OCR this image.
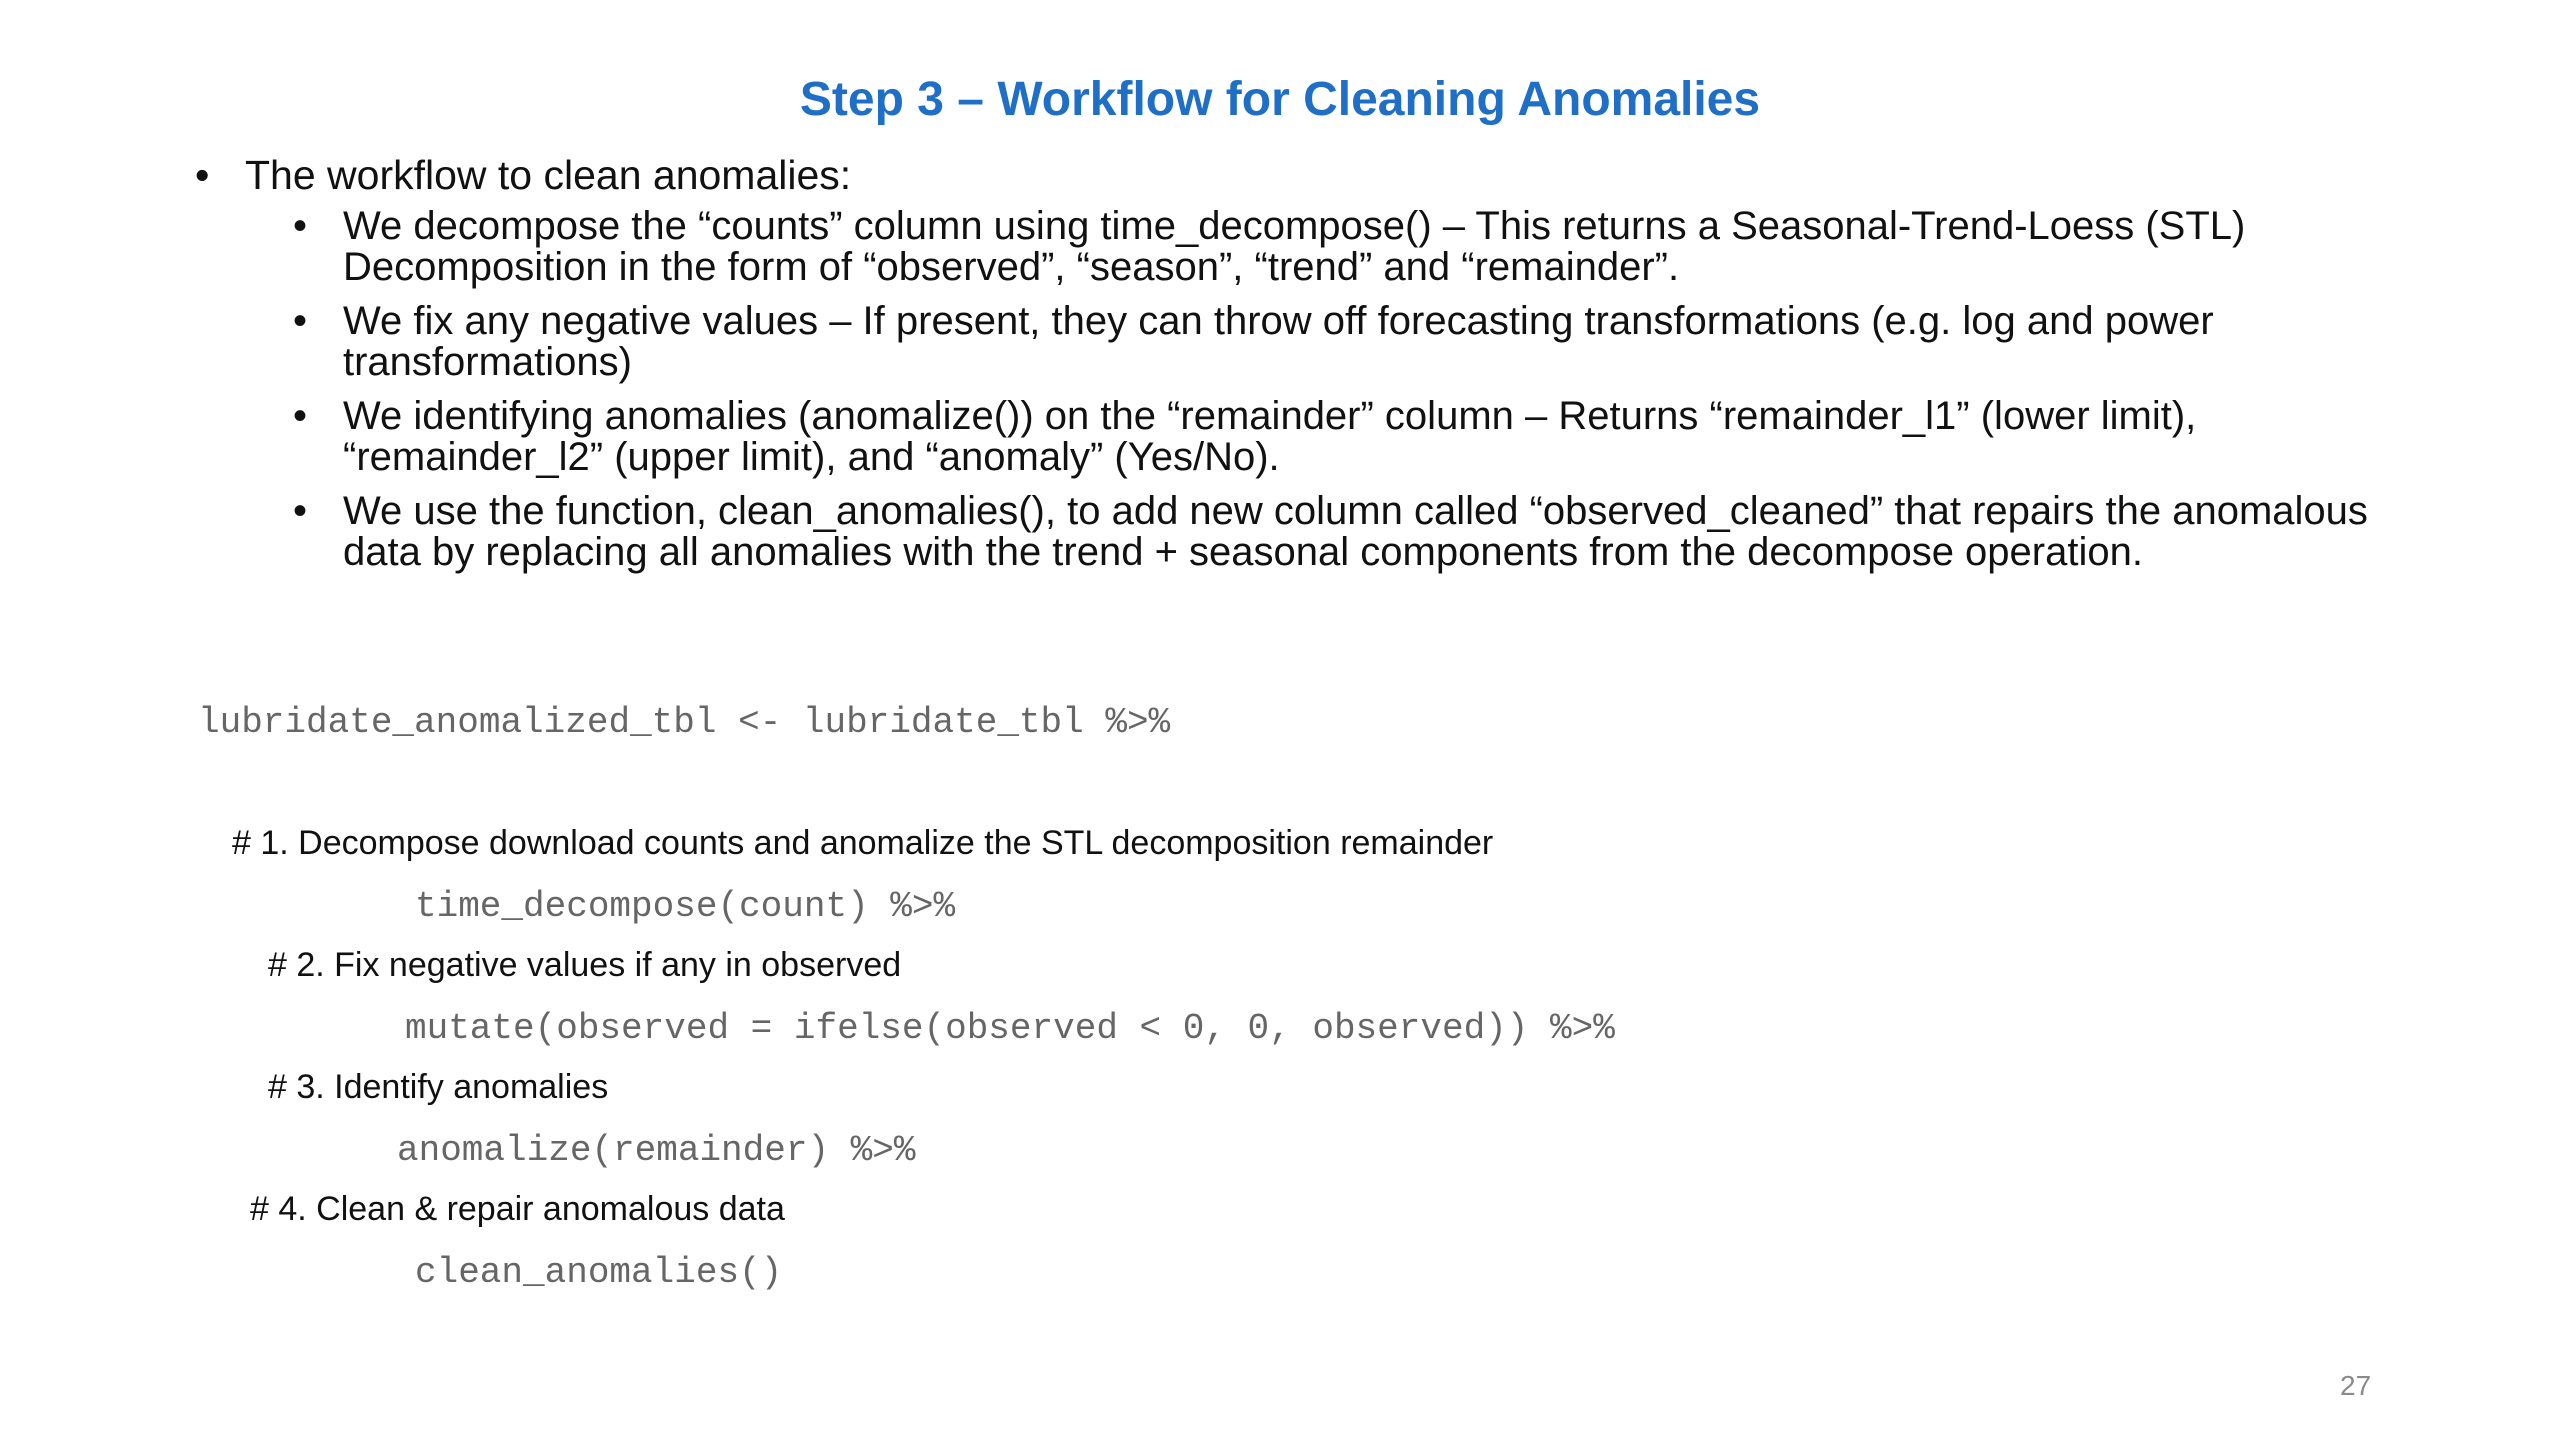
Step 3 – Workflow for Cleaning Anomalies
• The workflow to clean anomalies:
• We decompose the “counts” column using time_decompose() – This returns a Seasonal-Trend-Loess (STL) Decomposition in the form of “observed”, “season”, “trend” and “remainder”.
• We fix any negative values – If present, they can throw off forecasting transformations (e.g. log and power transformations)
• We identifying anomalies (anomalize()) on the “remainder” column – Returns “remainder_l1” (lower limit), “remainder_l2” (upper limit), and “anomaly” (Yes/No).
• We use the function, clean_anomalies(), to add new column called “observed_cleaned” that repairs the anomalous data by replacing all anomalies with the trend + seasonal components from the decompose operation.
lubridate_anomalized_tbl <- lubridate_tbl %>%
# 1. Decompose download counts and anomalize the STL decomposition remainder
time_decompose(count) %>%
# 2. Fix negative values if any in observed
mutate(observed = ifelse(observed < 0, 0, observed)) %>%
# 3. Identify anomalies
anomalize(remainder) %>%
# 4. Clean & repair anomalous data
clean_anomalies()
27
